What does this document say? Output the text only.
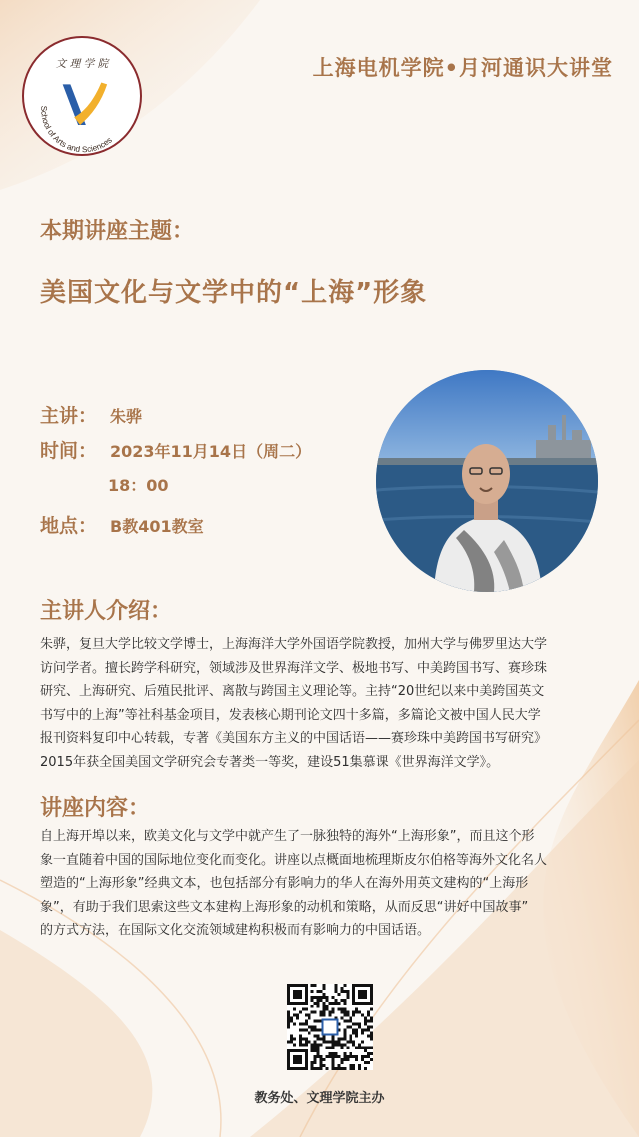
文 理 学 院
School of Arts and Sciences
上海电机学院•月河通识大讲堂
本期讲座主题：
美国文化与文学中的“上海”形象
主讲： 朱骅
时间： 2023年11月14日（周二）
18：00
地点： B教401教室
主讲人介绍：
朱骅，复旦大学比较文学博士，上海海洋大学外国语学院教授，加州大学与佛罗里达大学
访问学者。擅长跨学科研究，领域涉及世界海洋文学、极地书写、中美跨国书写、赛珍珠
研究、上海研究、后殖民批评、离散与跨国主义理论等。主持“20世纪以来中美跨国英文
书写中的上海”等社科基金项目，发表核心期刊论文四十多篇，多篇论文被中国人民大学
报刊资料复印中心转载，专著《美国东方主义的中国话语——赛珍珠中美跨国书写研究》
2015年获全国美国文学研究会专著类一等奖，建设51集慕课《世界海洋文学》。
讲座内容：
自上海开埠以来，欧美文化与文学中就产生了一脉独特的海外“上海形象”，而且这个形
象一直随着中国的国际地位变化而变化。讲座以点概面地梳理斯皮尔伯格等海外文化名人
塑造的“上海形象”经典文本，也包括部分有影响力的华人在海外用英文建构的“上海形
象”，有助于我们思索这些文本建构上海形象的动机和策略，从而反思“讲好中国故事”
的方式方法，在国际文化交流领域建构积极而有影响力的中国话语。
教务处、文理学院主办
